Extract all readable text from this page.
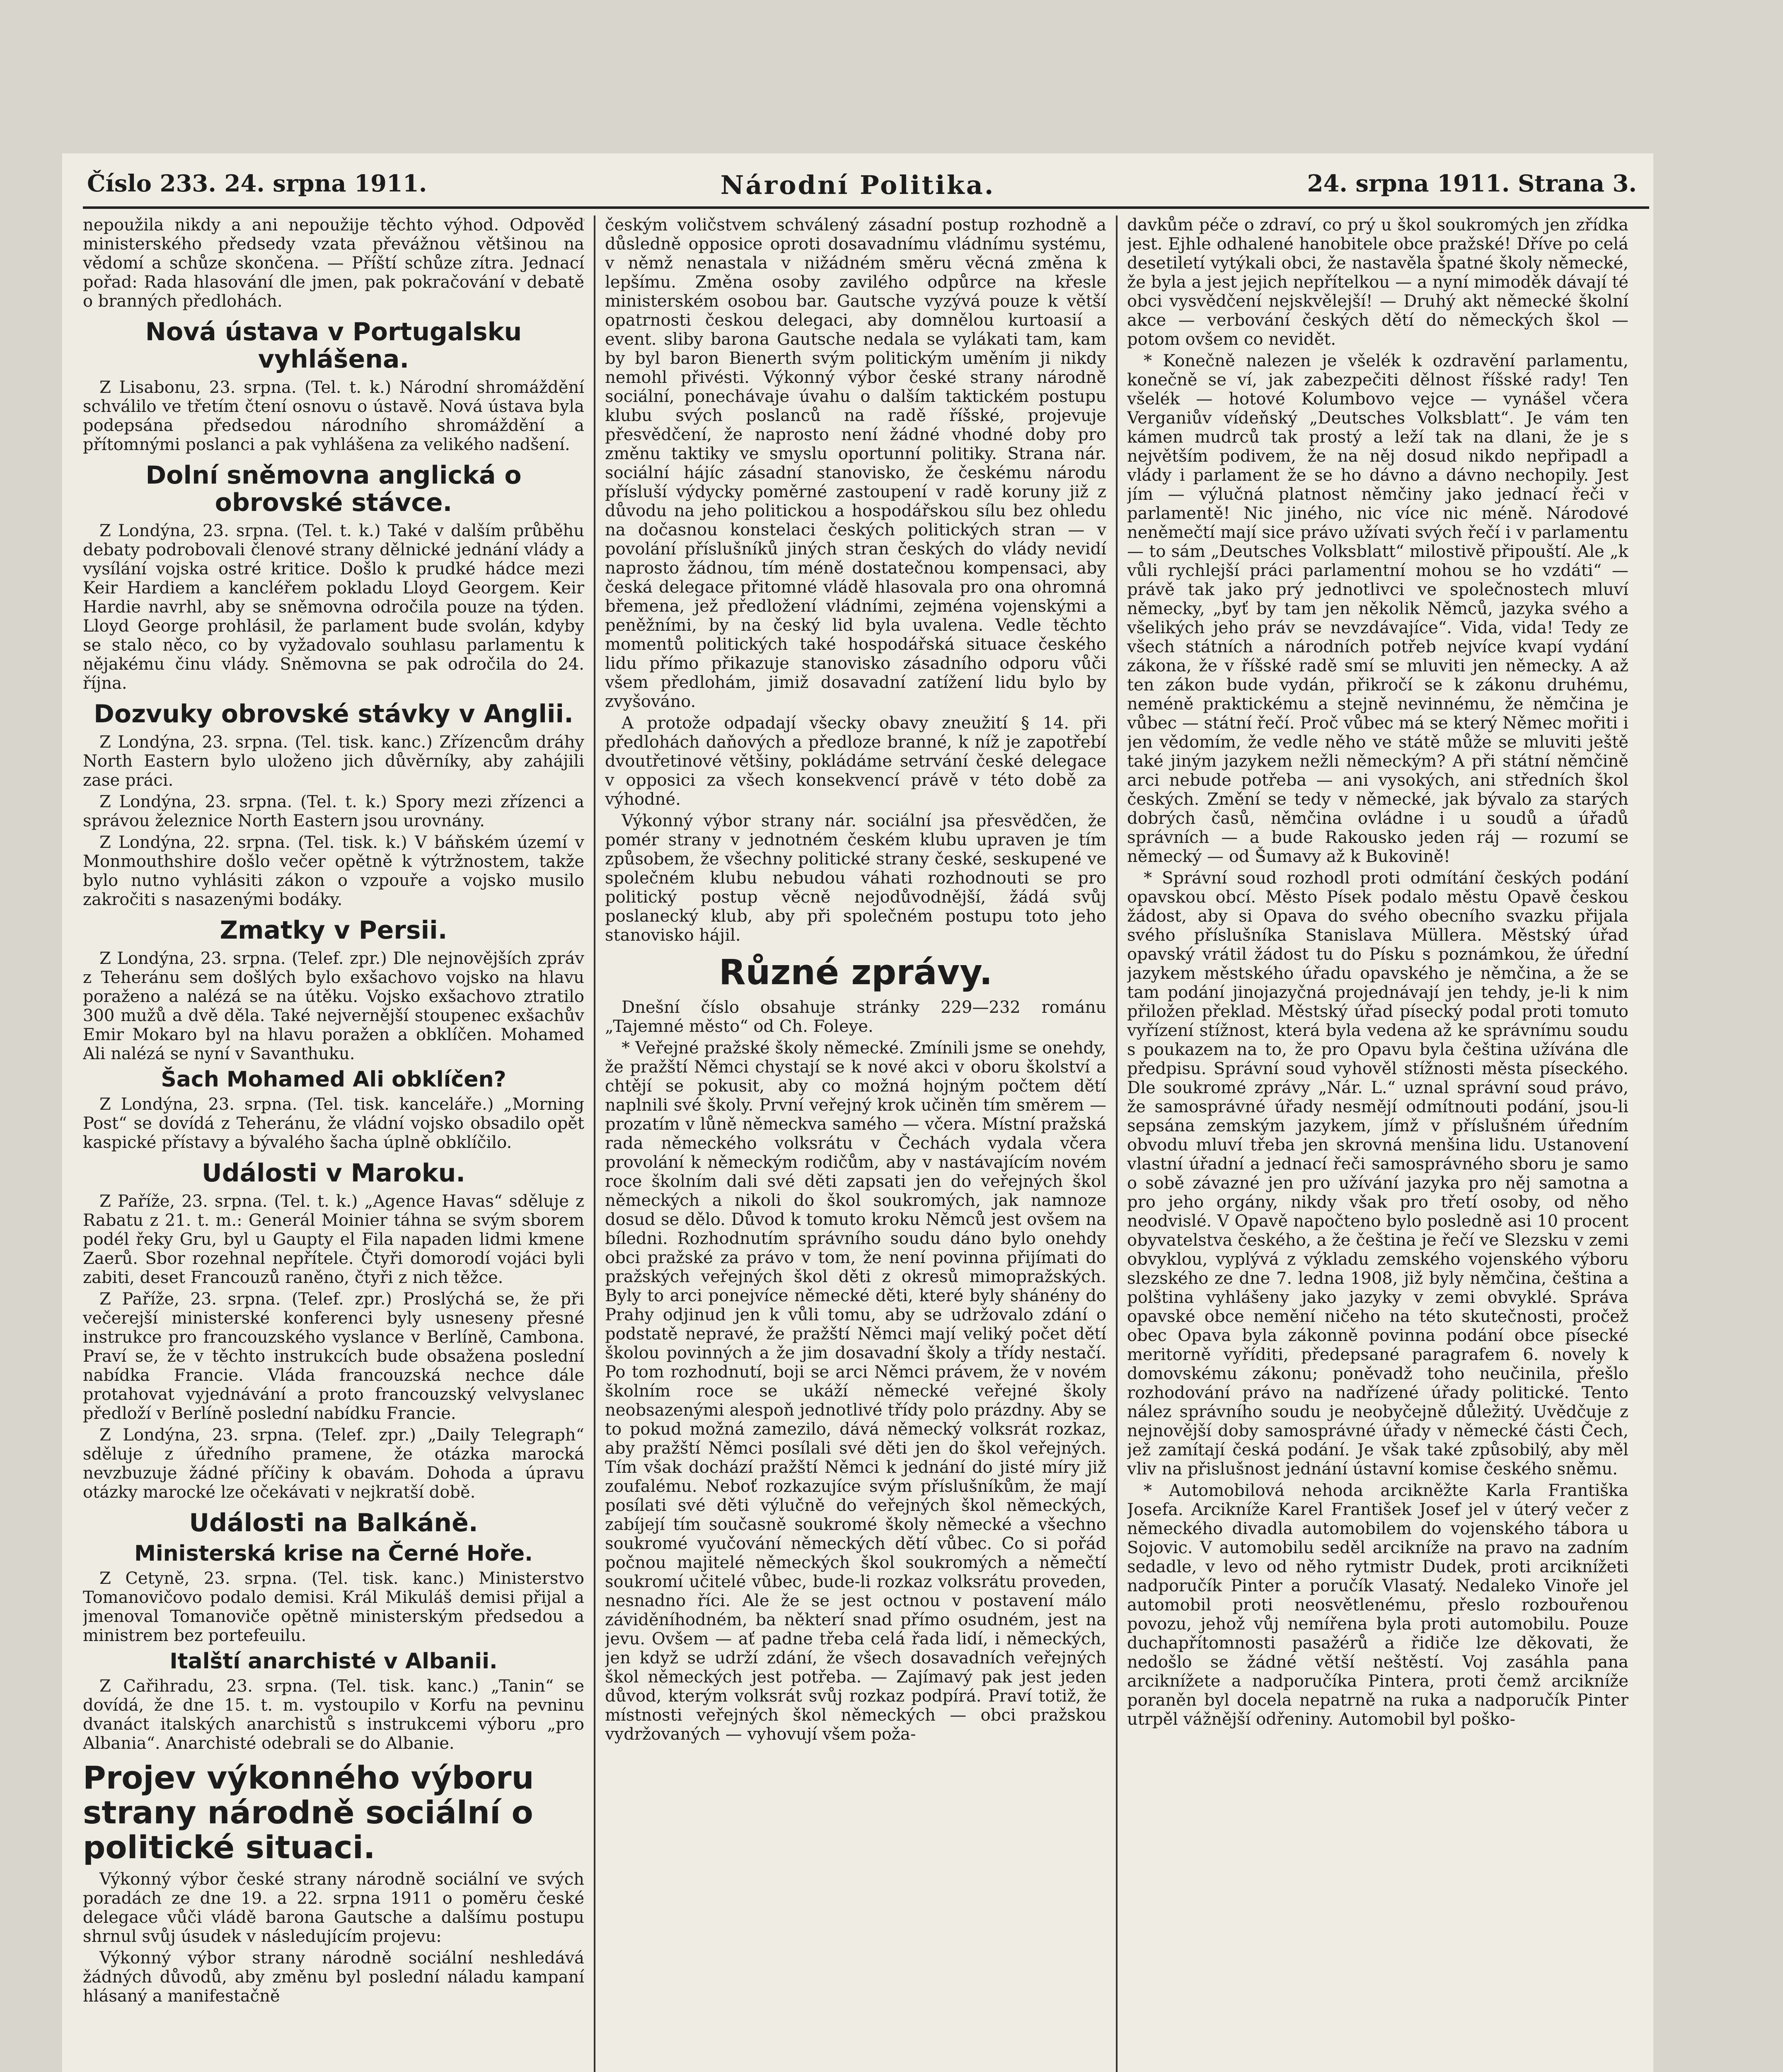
Číslo 233. 24. srpna 1911.	Národní Politika.	24. srpna 1911. Strana 3.

nepoužila nikdy a ani nepoužije těchto výhod. Odpověď ministerského předsedy vzata převážnou většinou na vědomí a schůze skončena. — Příští schůze zítra. Jednací pořad: Rada hlasování dle jmen, pak pokračování v debatě o branných předlohách.

Nová ústava v Portugalsku vyhlášena.

Z Lisabonu, 23. srpna. (Tel. t. k.) Národní shromáždění schválilo ve třetím čtení osnovu o ústavě. Nová ústava byla podepsána předsedou národního shromáždění a přítomnými poslanci a pak vyhlášena za velikého nadšení.

Dolní sněmovna anglická o obrovské stávce.

Z Londýna, 23. srpna. (Tel. t. k.) Také v dalším průběhu debaty podrobovali členové strany dělnické jednání vlády a vysílání vojska ostré kritice. Došlo k prudké hádce mezi Keir Hardiem a kancléřem pokladu Lloyd Georgem. Keir Hardie navrhl, aby se sněmovna odročila pouze na týden. Lloyd George prohlásil, že parlament bude svolán, kdyby se stalo něco, co by vyžadovalo souhlasu parlamentu k nějakému činu vlády. Sněmovna se pak odročila do 24. října.

Dozvuky obrovské stávky v Anglii.

Z Londýna, 23. srpna. (Tel. tisk. kanc.) Zřízencům dráhy North Eastern bylo uloženo jich důvěrníky, aby zahájili zase práci.

Z Londýna, 23. srpna. (Tel. t. k.) Spory mezi zřízenci a správou železnice North Eastern jsou urovnány.

Z Londýna, 22. srpna. (Tel. tisk. k.) V báňském území v Monmouthshire došlo večer opětně k výtržnostem, takže bylo nutno vyhlásiti zákon o vzpouře a vojsko musilo zakročiti s nasazenými bodáky.

Zmatky v Persii.

Z Londýna, 23. srpna. (Telef. zpr.) Dle nejnovějších zpráv z Teheránu sem došlých bylo exšachovo vojsko na hlavu poraženo a nalézá se na útěku. Vojsko exšachovo ztratilo 300 mužů a dvě děla. Také nejvernější stoupenec exšachův Emir Mokaro byl na hlavu poražen a obklíčen. Mohamed Ali nalézá se nyní v Savanthuku.

Šach Mohamed Ali obklíčen?

Z Londýna, 23. srpna. (Tel. tisk. kanceláře.) „Morning Post“ se dovídá z Teheránu, že vládní vojsko obsadilo opět kaspické přístavy a bývalého šacha úplně obklíčilo.

Události v Maroku.

Z Paříže, 23. srpna. (Tel. t. k.) „Agence Havas“ sděluje z Rabatu z 21. t. m.: Generál Moinier táhna se svým sborem podél řeky Gru, byl u Gaupty el Fila napaden lidmi kmene Zaerů. Sbor rozehnal nepřítele. Čtyři domorodí vojáci byli zabiti, deset Francouzů raněno, čtyři z nich těžce.

Z Paříže, 23. srpna. (Telef. zpr.) Proslýchá se, že při večerejší ministerské konferenci byly usneseny přesné instrukce pro francouzského vyslance v Berlíně, Cambona. Praví se, že v těchto instrukcích bude obsažena poslední nabídka Francie. Vláda francouzská nechce dále protahovat vyjednávání a proto francouzský velvyslanec předloží v Berlíně poslední nabídku Francie.

Z Londýna, 23. srpna. (Telef. zpr.) „Daily Telegraph“ sděluje z úředního pramene, že otázka marocká nevzbuzuje žádné příčiny k obavám. Dohoda a úpravu otázky marocké lze očekávati v nejkratší době.

Události na Balkáně.
Ministerská krise na Černé Hoře.

Z Cetyně, 23. srpna. (Tel. tisk. kanc.) Ministerstvo Tomanovičovo podalo demisi. Král Mikuláš demisi přijal a jmenoval Tomanoviče opětně ministerským předsedou a ministrem bez portefeuilu.

Italští anarchisté v Albanii.

Z Cařihradu, 23. srpna. (Tel. tisk. kanc.) „Tanin“ se dovídá, že dne 15. t. m. vystoupilo v Korfu na pevninu dvanáct italských anarchistů s instrukcemi výboru „pro Albania“. Anarchisté odebrali se do Albanie.

Projev výkonného výboru strany národně sociální o politické situaci.

Výkonný výbor české strany národně sociální ve svých poradách ze dne 19. a 22. srpna 1911 o poměru české delegace vůči vládě barona Gautsche a dalšímu postupu shrnul svůj úsudek v následujícím projevu:

Výkonný výbor strany národně sociální neshledává žádných důvodů, aby změnu byl poslední náladu kampaní hlásaný a manifestačně

českým voličstvem schválený zásadní postup rozhodně a důsledně opposice oproti dosavadnímu vládnímu systému, v němž nenastala v nižádném směru věcná změna k lepšímu. Změna osoby zavilého odpůrce na křesle ministerském osobou bar. Gautsche vyzývá pouze k větší opatrnosti českou delegaci, aby domnělou kurtoasií a event. sliby barona Gautsche nedala se vylákati tam, kam by byl baron Bienerth svým politickým uměním ji nikdy nemohl přivésti. Výkonný výbor české strany národně sociální, ponechávaje úvahu o dalším taktickém postupu klubu svých poslanců na radě říšské, projevuje přesvědčení, že naprosto není žádné vhodné doby pro změnu taktiky ve smyslu oportunní politiky. Strana nár. sociální hájíc zásadní stanovisko, že českému národu přísluší výdycky poměrné zastoupení v radě koruny již z důvodu na jeho politickou a hospodářskou sílu bez ohledu na dočasnou konstelaci českých politických stran — v povolání příslušníků jiných stran českých do vlády nevidí naprosto žádnou, tím méně dostatečnou kompensaci, aby česká delegace přitomné vládě hlasovala pro ona ohromná břemena, jež předložení vládními, zejména vojenskými a peněžními, by na český lid byla uvalena. Vedle těchto momentů politických také hospodářská situace českého lidu přímo přikazuje stanovisko zásadního odporu vůči všem předlohám, jimiž dosavadní zatížení lidu bylo by zvyšováno.

A protože odpadají všecky obavy zneužití § 14. při předlohách daňových a předloze branné, k níž je zapotřebí dvoutřetinové většiny, pokládáme setrvání české delegace v opposici za všech konsekvencí právě v této době za výhodné.

Výkonný výbor strany nár. sociální jsa přesvědčen, že pomér strany v jednotném českém klubu upraven je tím způsobem, že všechny politické strany české, seskupené ve společném klubu nebudou váhati rozhodnouti se pro politický postup věcně nejodůvodnější, žádá svůj poslanecký klub, aby při společném postupu toto jeho stanovisko hájil.

Různé zprávy.

Dnešní číslo obsahuje stránky 229—232 románu „Tajemné město“ od Ch. Foleye.

* Veřejné pražské školy německé. Zmínili jsme se onehdy, že pražští Němci chystají se k nové akci v oboru školství a chtějí se pokusit, aby co možná hojným počtem dětí naplnili své školy. První veřejný krok učiněn tím směrem — prozatím v lůně německva samého — včera. Místní pražská rada německého volksrátu v Čechách vydala včera provolání k německým rodičům, aby v nastávajícím novém roce školním dali své děti zapsati jen do veřejných škol německých a nikoli do škol soukromých, jak namnoze dosud se dělo. Důvod k tomuto kroku Němců jest ovšem na bíledni. Rozhodnutím správního soudu dáno bylo onehdy obci pražské za právo v tom, že není povinna přijímati do pražských veřejných škol děti z okresů mimopražských. Byly to arci ponejvíce německé děti, které byly shánény do Prahy odjinud jen k vůli tomu, aby se udržovalo zdání o podstatě nepravé, že pražští Němci mají veliký počet dětí školou povinných a že jim dosavadní školy a třídy nestačí. Po tom rozhodnutí, boji se arci Němci právem, že v novém školním roce se ukáží německé veřejné školy neobsazenými alespoň jednotlivé třídy polo prázdny. Aby se to pokud možná zamezilo, dává německý volksrát rozkaz, aby pražští Němci posílali své děti jen do škol veřejných. Tím však dochází pražští Němci k jednání do jisté míry již zoufalému. Neboť rozkazujíce svým příslušníkům, že mají posílati své děti výlučně do veřejných škol německých, zabíjejí tím současně soukromé školy německé a všechno soukromé vyučování německých dětí vůbec. Co si pořád počnou majitelé německých škol soukromých a němečtí soukromí učitelé vůbec, bude-li rozkaz volksrátu proveden, nesnadno říci. Ale že se jest octnou v postavení málo záviděníhodném, ba některí snad přímo osudném, jest na jevu. Ovšem — ať padne třeba celá řada lidí, i německých, jen když se udrží zdání, že všech dosavadních veřejných škol německých jest potřeba. — Zajímavý pak jest jeden důvod, kterým volksrát svůj rozkaz podpírá. Praví totiž, že místnosti veřejných škol německých — obci pražskou vydržovaných — vyhovují všem poža-

davkům péče o zdraví, co prý u škol soukromých jen zřídka jest. Ejhle odhalené hanobitele obce pražské! Dříve po celá desetiletí vytýkali obci, že nastavěla špatné školy německé, že byla a jest jejich nepřítelkou — a nyní mimoděk dávají té obci vysvědčení nejskvělejší! — Druhý akt německé školní akce — verbování českých dětí do německých škol — potom ovšem co nevidět.

* Konečně nalezen je všelék k ozdravění parlamentu, konečně se ví, jak zabezpečiti dělnost říšské rady! Ten všelék — hotové Kolumbovo vejce — vynášel včera Verganiův vídeňský „Deutsches Volksblatt“. Je vám ten kámen mudrců tak prostý a leží tak na dlani, že je s největším podivem, že na něj dosud nikdo nepřipadl a vlády i parlament že se ho dávno a dávno nechopily. Jest jím — výlučná platnost němčiny jako jednací řeči v parlamentě! Nic jiného, nic více nic méně. Národové neněmečtí mají sice právo užívati svých řečí i v parlamentu — to sám „Deutsches Volksblatt“ milostivě připouští. Ale „k vůli rychlejší práci parlamentní mohou se ho vzdáti“ — právě tak jako prý jednotlivci ve společnostech mluví německy, „byť by tam jen několik Němců, jazyka svého a všelikých jeho práv se nevzdávajíce“. Vida, vida! Tedy ze všech státních a národních potřeb nejvíce kvapí vydání zákona, že v říšské radě smí se mluviti jen německy. A až ten zákon bude vydán, přikročí se k zákonu druhému, neméně praktickému a stejně nevinnému, že němčina je vůbec — státní řečí. Proč vůbec má se který Němec mořiti i jen vědomím, že vedle něho ve státě může se mluviti ještě také jiným jazykem nežli německým? A při státní němčině arci nebude potřeba — ani vysokých, ani středních škol českých. Změní se tedy v německé, jak bývalo za starých dobrých časů, němčina ovládne i u soudů a úřadů správních — a bude Rakousko jeden ráj — rozumí se německý — od Šumavy až k Bukovině!

* Správní soud rozhodl proti odmítání českých podání opavskou obcí. Město Písek podalo městu Opavě českou žádost, aby si Opava do svého obecního svazku přijala svého příslušníka Stanislava Müllera. Městský úřad opavský vrátil žádost tu do Písku s poznámkou, že úřední jazykem městského úřadu opavského je němčina, a že se tam podání jinojazyčná projednávají jen tehdy, je-li k nim přiložen překlad. Městský úřad písecký podal proti tomuto vyřízení stížnost, která byla vedena až ke správnímu soudu s poukazem na to, že pro Opavu byla čeština užívána dle předpisu. Správní soud vyhověl stížnosti města píseckého. Dle soukromé zprávy „Nár. L.“ uznal správní soud právo, že samosprávné úřady nesmějí odmítnouti podání, jsou-li sepsána zemským jazykem, jímž v příslušném úředním obvodu mluví třeba jen skrovná menšina lidu. Ustanovení vlastní úřadní a jednací řeči samosprávného sboru je samo o sobě závazné jen pro užívání jazyka pro něj samotna a pro jeho orgány, nikdy však pro třetí osoby, od něho neodvislé. V Opavě napočteno bylo posledně asi 10 procent obyvatelstva českého, a že čeština je řečí ve Slezsku v zemi obvyklou, vyplývá z výkladu zemského vojenského výboru slezského ze dne 7. ledna 1908, již byly němčina, čeština a polština vyhlášeny jako jazyky v zemi obvyklé. Správa opavské obce nemění ničeho na této skutečnosti, pročež obec Opava byla zákonně povinna podání obce písecké meritorně vyříditi, předepsané paragrafem 6. novely k domovskému zákonu; poněvadž toho neučinila, přešlo rozhodování právo na nadřízené úřady politické. Tento nález správního soudu je neobyčejně důležitý. Uvědčuje z nejnovější doby samosprávné úřady v německé části Čech, jež zamítají česká podání. Je však také způsobilý, aby měl vliv na přislušnost jednání ústavní komise českého sněmu.

* Automobilová nehoda arcikněžte Karla Františka Josefa. Arcikníže Karel František Josef jel v úterý večer z německého divadla automobilem do vojenského tábora u Sojovic. V automobilu seděl arcikníže na pravo na zadním sedadle, v levo od něho rytmistr Dudek, proti arciknížeti nadporučík Pinter a poručík Vlasatý. Nedaleko Vinoře jel automobil proti neosvětlenému, přeslo rozbouřenou povozu, jehož vůj nemířena byla proti automobilu. Pouze duchapřítomnosti pasažérů a řidiče lze děkovati, že nedošlo se žádné větší neštěstí. Voj zasáhla pana arciknížete a nadporučíka Pintera, proti čemž arcikníže poraněn byl docela nepatrně na ruka a nadporučík Pinter utrpěl vážnější odřeniny. Automobil byl poško-
